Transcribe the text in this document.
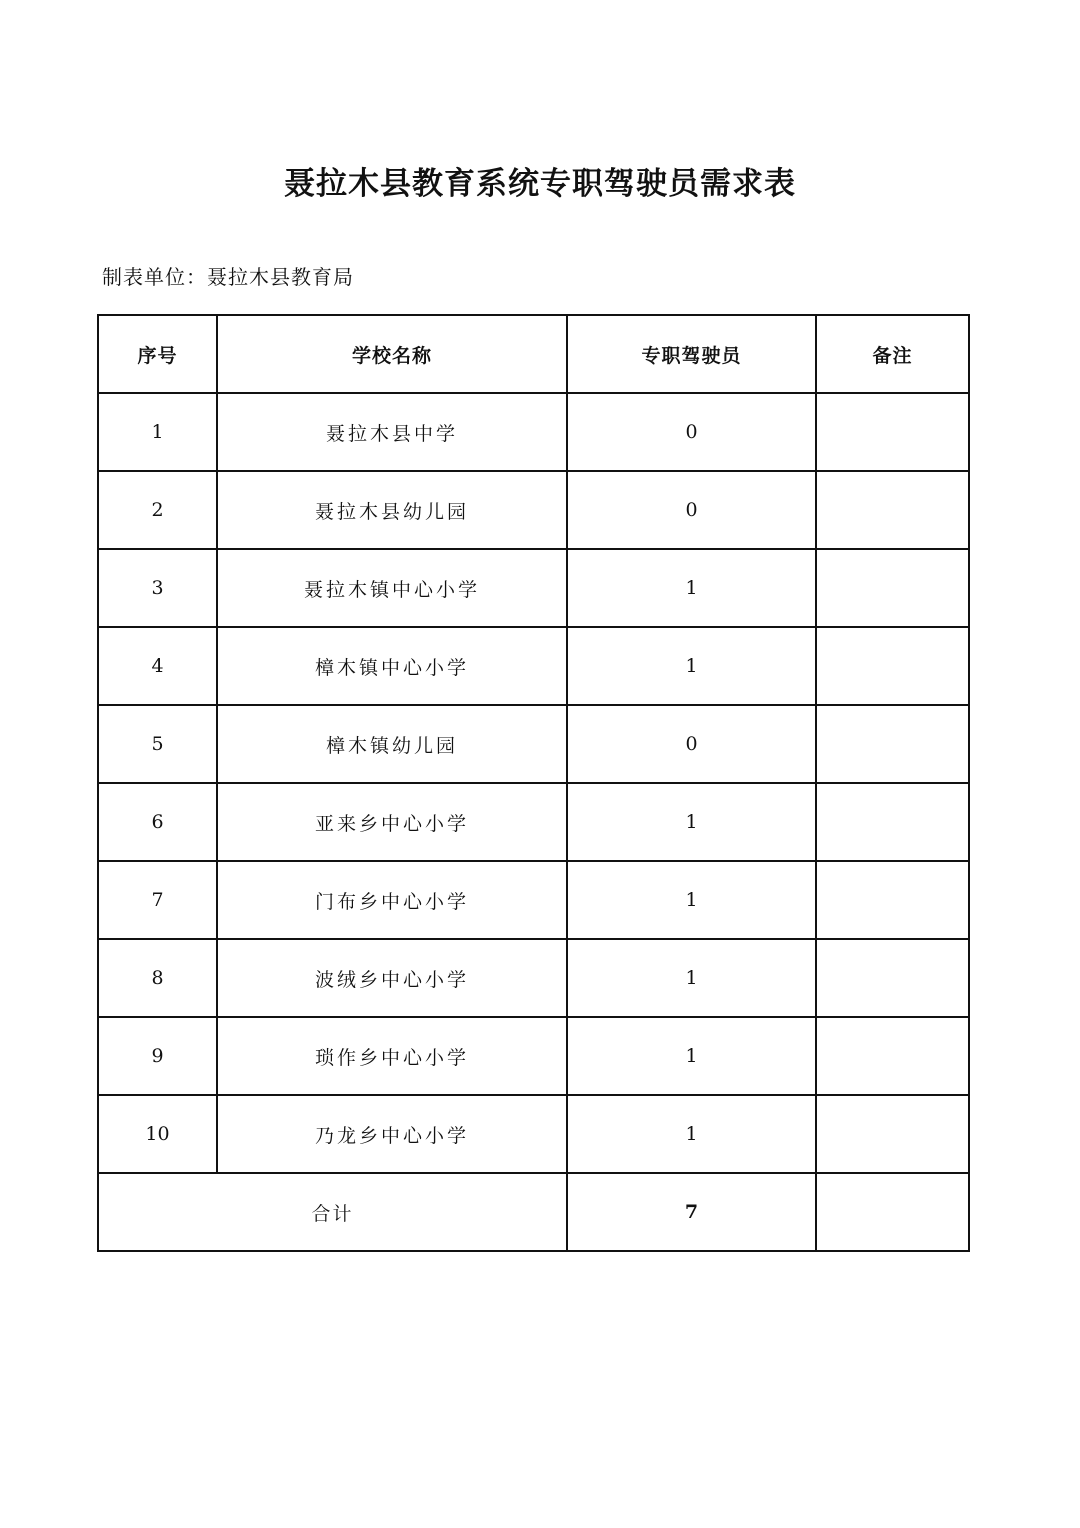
聂拉木县教育系统专职驾驶员需求表
制表单位：聂拉木县教育局
序号	学校名称	专职驾驶员	备注
1	聂拉木县中学	0	
2	聂拉木县幼儿园	0	
3	聂拉木镇中心小学	1	
4	樟木镇中心小学	1	
5	樟木镇幼儿园	0	
6	亚来乡中心小学	1	
7	门布乡中心小学	1	
8	波绒乡中心小学	1	
9	琐作乡中心小学	1	
10	乃龙乡中心小学	1	
合计		7	
